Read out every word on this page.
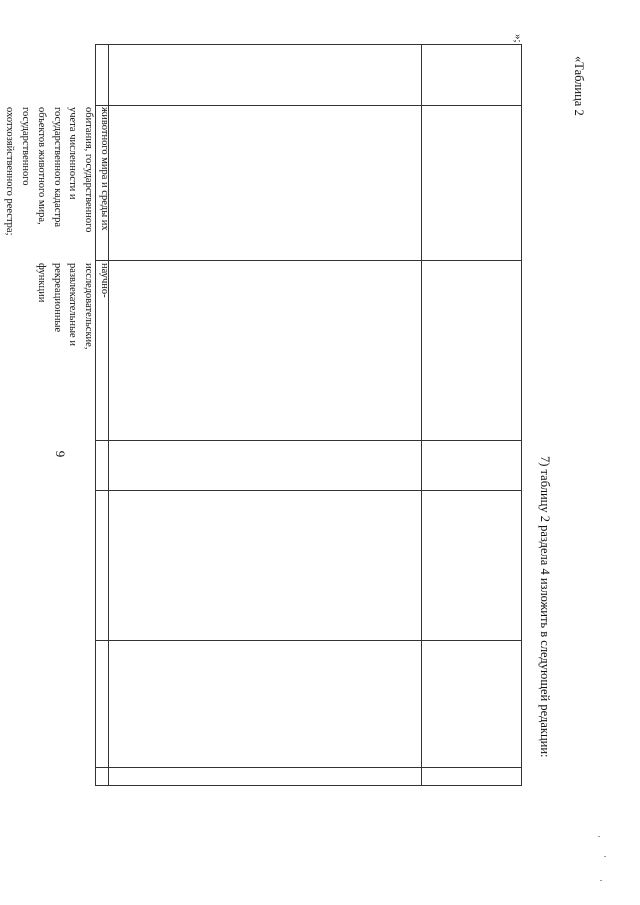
9
животного мира и среды их
обитания, государственного
учета численности и
государственного кадастра
объектов животного мира,
государственного
охотхозяйственного реестра;
научно-
исследовательские,
развлекательные и
рекреационные
функции
»;
7) таблицу 2 раздела 4 изложить в следующей редакции:
«Таблица 2
